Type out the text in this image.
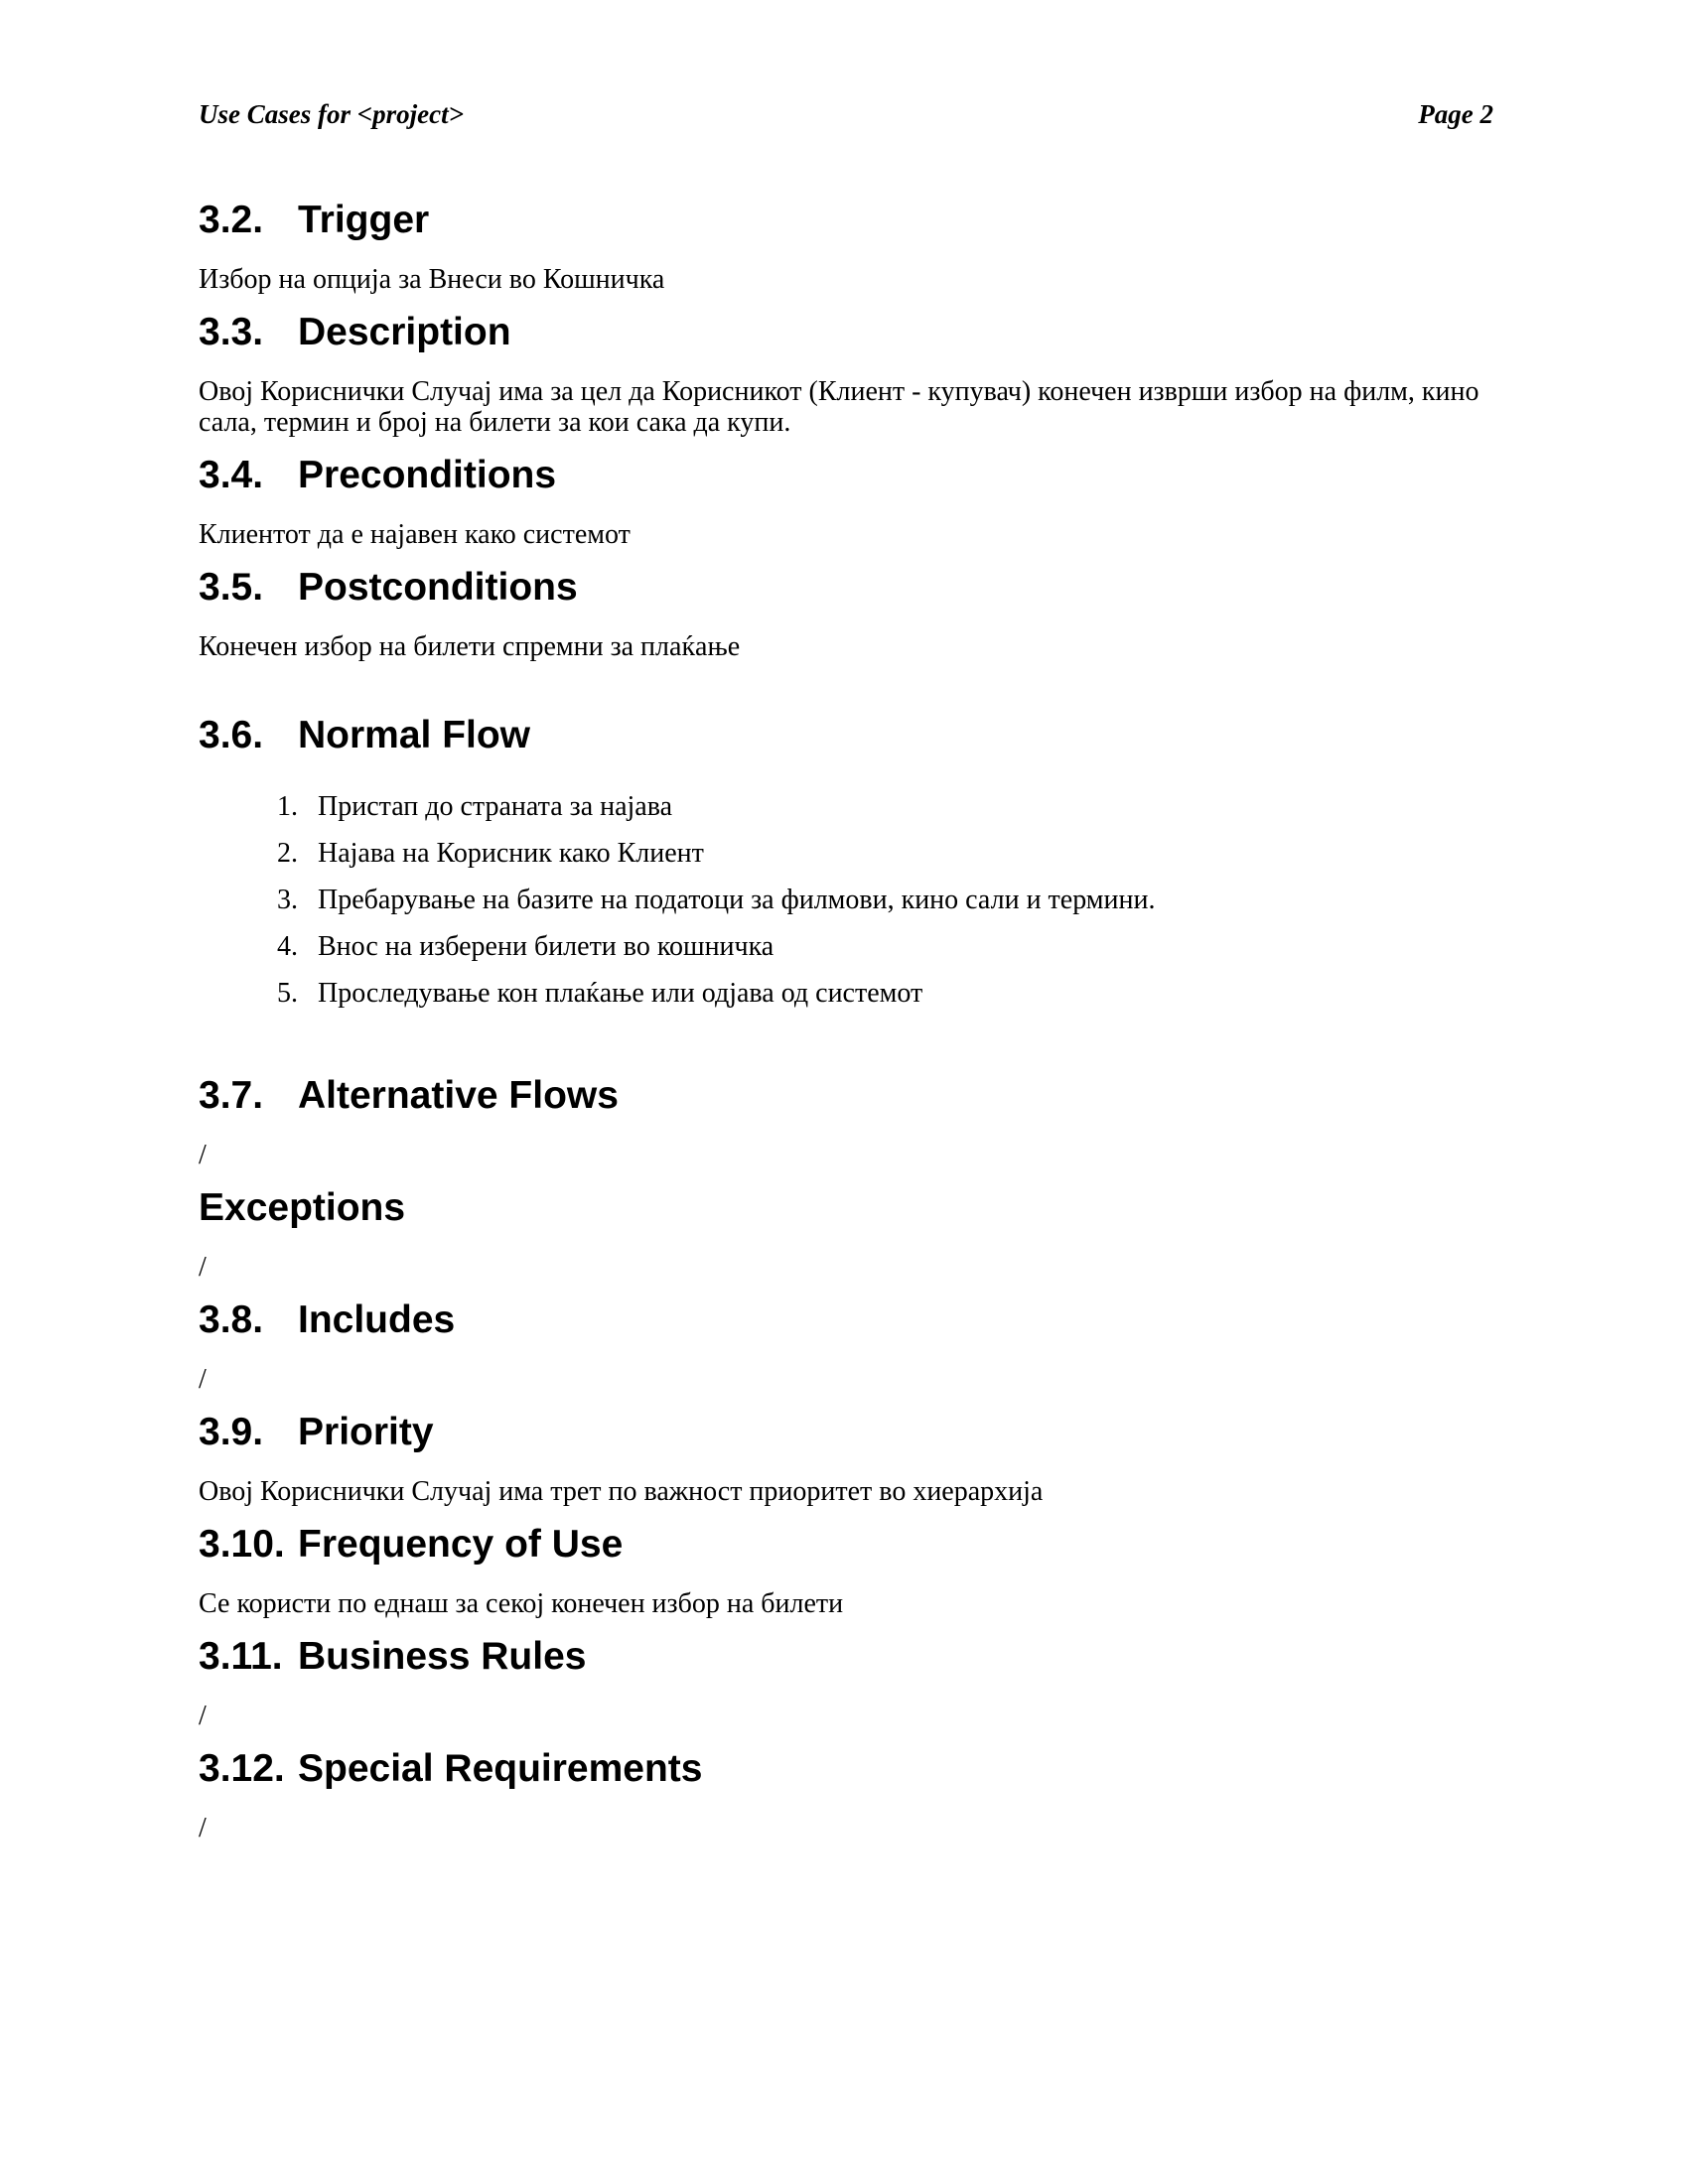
Use Cases for <project>	Page 2
3.2. Trigger

Избор на опција за Внеси во Кошничка

3.3. Description

Овој Кориснички Случај има за цел да Корисникот (Клиент - купувач) конечен изврши избор на филм, кино сала, термин и број на билети за кои сака да купи.

3.4. Preconditions

Клиентот да е најавен како системот

3.5. Postconditions

Конечен избор на билети спремни за плаќање

3.6. Normal Flow
1. Пристап до страната за најава
2. Најава на Корисник како Клиент
3. Пребарување на базите на податоци за филмови, кино сали и термини.
4. Внос на изберени билети во кошничка
5. Проследување кон плаќање или одјава од системот
3.7. Alternative Flows

/

Exceptions

/

3.8. Includes

/

3.9. Priority

Овој Кориснички Случај има трет по важност приоритет во хиерархија

3.10. Frequency of Use

Се користи по еднаш за секој конечен избор на билети

3.11. Business Rules

/

3.12. Special Requirements

/
